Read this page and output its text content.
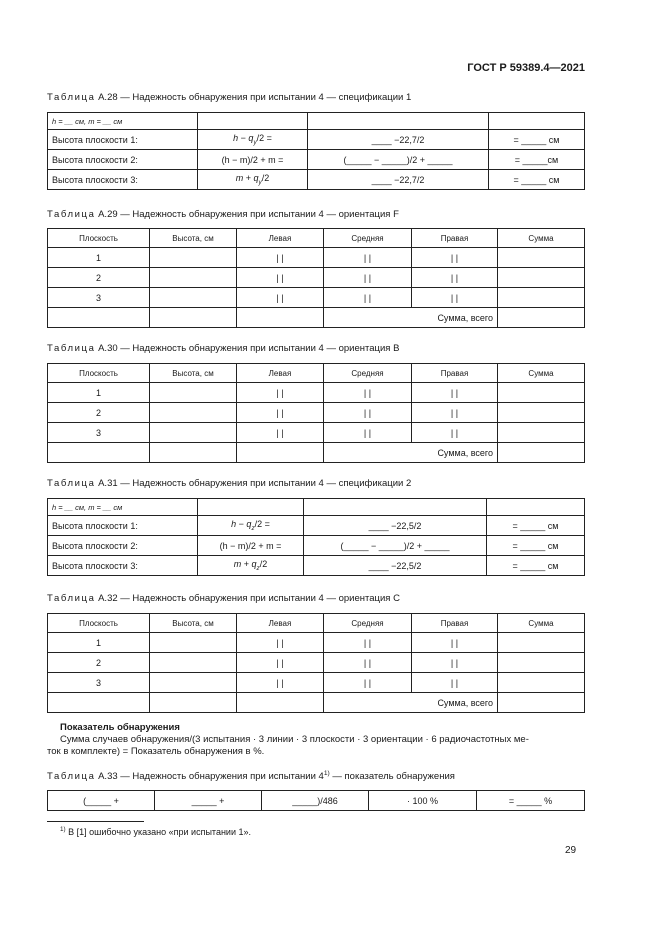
ГОСТ Р 59389.4—2021
Таблица А.28 — Надежность обнаружения при испытании 4 — спецификации 1
h = __ см, m = __ см			
Высота плоскости 1:	$h - q_y/2$ =	____ −22,7/2	= _____ см
Высота плоскости 2:	(h − m)/2 + m =	(_____ − _____)/2 + _____	= _____см
Высота плоскости 3:	$m + q_y/2$	____ −22,7/2	= _____ см
Таблица А.29 — Надежность обнаружения при испытании 4 — ориентация F
Плоскость	Высота, см	Левая	Средняя	Правая	Сумма
1		| |	| |	| |	
2		| |	| |	| |	
3		| |	| |	| |	
			Сумма, всего		
Таблица А.30 — Надежность обнаружения при испытании 4 — ориентация B
Плоскость	Высота, см	Левая	Средняя	Правая	Сумма
1		| |	| |	| |	
2		| |	| |	| |	
3		| |	| |	| |	
			Сумма, всего		
Таблица А.31 — Надежность обнаружения при испытании 4 — спецификации 2
h = __ см, m = __ см			
Высота плоскости 1:	$h - q_z/2$ =	____ −22,5/2	= _____ см
Высота плоскости 2:	(h − m)/2 + m =	(_____ − _____)/2 + _____	= _____ см
Высота плоскости 3:	$m + q_z/2$	____ −22,5/2	= _____ см
Таблица А.32 — Надежность обнаружения при испытании 4 — ориентация C
Плоскость	Высота, см	Левая	Средняя	Правая	Сумма
1		| |	| |	| |	
2		| |	| |	| |	
3		| |	| |	| |	
			Сумма, всего		
Показатель обнаружения
Сумма случаев обнаружения/(3 испытания · 3 линии · 3 плоскости · 3 ориентации · 6 радиочастотных ме-
ток в комплекте) = Показатель обнаружения в %.
Таблица А.33 — Надежность обнаружения при испытании 4$^{1)}$ — показатель обнаружения
(_____ +	_____ +	_____)/486	· 100 %	= _____ %
$^{1)}$ В [1] ошибочно указано «при испытании 1».
29
